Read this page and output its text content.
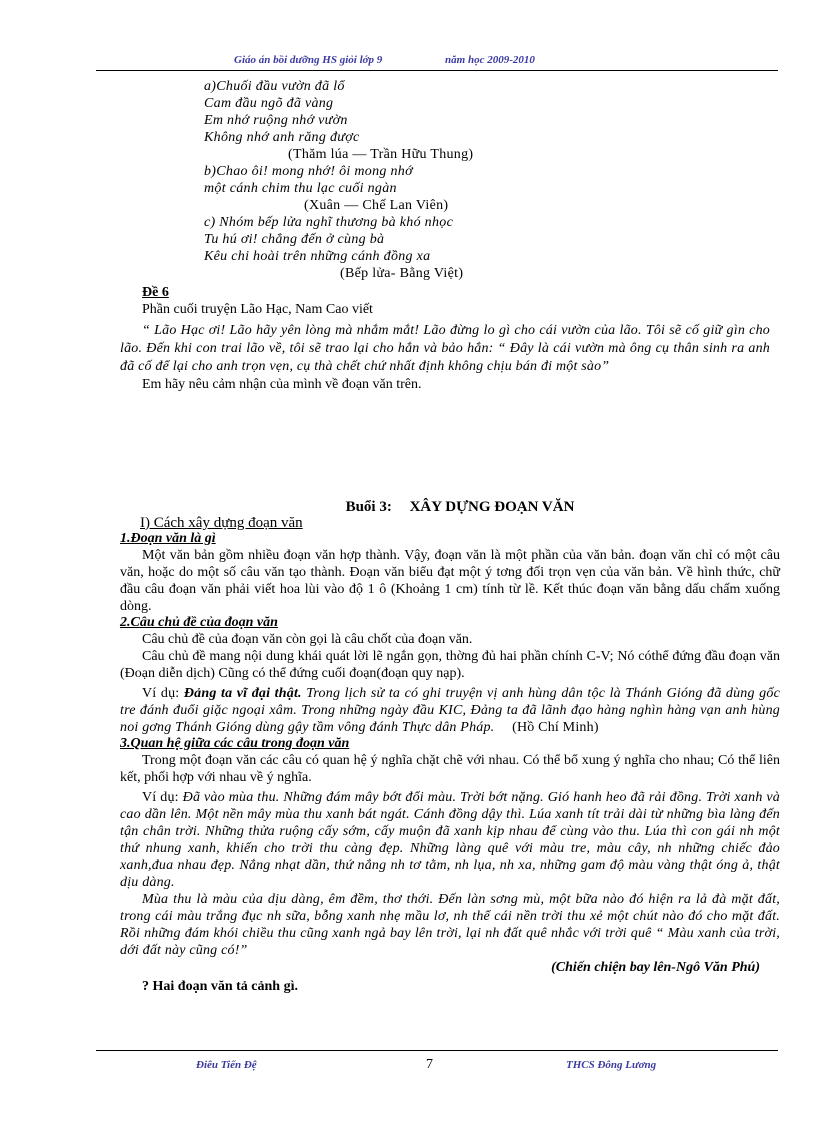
Giáo án bồi dưỡng HS giỏi lớp 9	năm học 2009-2010
a)Chuối đầu vườn đã lổ
Cam đầu ngõ đã vàng
Em nhớ ruộng nhớ vườn
Không nhớ anh răng được
(Thăm lúa — Trần Hữu Thung)
b)Chao ôi! mong nhớ! ôi mong nhớ
một cánh chim thu lạc cuối ngàn
(Xuân — Chế Lan Viên)
c) Nhóm bếp lửa nghĩ thương bà khó nhọc
Tu hú ơi! chẳng đến ở cùng bà
Kêu chi hoài trên những cánh đồng xa
(Bếp lửa- Bằng Việt)
Đề 6
Phần cuối truyện Lão Hạc, Nam Cao viết
“ Lão Hạc ơi! Lão hãy yên lòng mà nhắm mắt! Lão đừng lo gì cho cái vườn của lão. Tôi sẽ cố giữ gìn cho lão. Đến khi con trai lão về, tôi sẽ trao lại cho hắn và bảo hắn: “ Đây là cái vườn mà ông cụ thân sinh ra anh đã cố để lại cho anh trọn vẹn, cụ thà chết chứ nhất định không chịu bán đi một sào”
Em hãy nêu cảm nhận của mình về đoạn văn trên.
Buổi 3: XÂY DỰNG ĐOẠN VĂN
I) Cách xây dựng đoạn văn
1.Đoạn văn là gì
Một văn bản gồm nhiều đoạn văn hợp thành. Vậy, đoạn văn là một phần của văn bản. đoạn văn chỉ có một câu văn, hoặc do một số câu văn tạo thành. Đoạn văn biểu đạt một ý tơng đối trọn vẹn của văn bản. Về hình thức, chữ đầu câu đoạn văn phải viết hoa lùi vào độ 1 ô (Khoảng 1 cm) tính từ lề. Kết thúc đoạn văn bằng dấu chấm xuống dòng.
2.Câu chủ đề của đoạn văn
Câu chủ đề của đoạn văn còn gọi là câu chốt của đoạn văn.
Câu chủ đề mang nội dung khái quát lời lẽ ngắn gọn, thờng đủ hai phần chính C-V; Nó cóthể đứng đầu đoạn văn (Đoạn diễn dịch) Cũng có thể đứng cuối đoạn(đoạn quy nạp).
Ví dụ: Đảng ta vĩ đại thật. Trong lịch sử ta có ghi truyện vị anh hùng dân tộc là Thánh Gióng đã dùng gốc tre đánh đuổi giặc ngoại xâm. Trong những ngày đầu KIC, Đảng ta đã lãnh đạo hàng nghìn hàng vạn anh hùng noi gơng Thánh Gióng dùng gậy tầm vông đánh Thực dân Pháp. (Hồ Chí Minh)
3.Quan hệ giữa các câu trong đoạn văn
Trong một đoạn văn các câu có quan hệ ý nghĩa chặt chẽ với nhau. Có thể bổ xung ý nghĩa cho nhau; Có thể liên kết, phối hợp với nhau về ý nghĩa.
Ví dụ: Đã vào mùa thu. Những đám mây bớt đổi màu. Trời bớt nặng. Gió hanh heo đã rải đồng. Trời xanh và cao dần lên. Một nền mây mùa thu xanh bát ngát. Cánh đồng dậy thì. Lúa xanh tít trải dài từ những bìa làng đến tận chân trời. Những thửa ruộng cấy sớm, cấy muộn đã xanh kịp nhau để cùng vào thu. Lúa thì con gái nh một thứ nhung xanh, khiến cho trời thu càng đẹp. Những làng quê với màu tre, màu cây, nh những chiếc đảo xanh,đua nhau đẹp. Nắng nhạt dần, thứ nắng nh tơ tằm, nh lụa, nh xa, những gam độ màu vàng thật óng ả, thật dịu dàng.
Mùa thu là màu của dịu dàng, êm đềm, thơ thới. Đến làn sơng mù, một bữa nào đó hiện ra lả đà mặt đất, trong cái màu trắng đục nh sữa, bỗng xanh nhẹ mầu lơ, nh thể cái nền trời thu xẻ một chút nào đó cho mặt đất. Rồi những đám khói chiều thu cũng xanh ngả bay lên trời, lại nh đất quê nhắc với trời quê “ Màu xanh của trời, dới đất này cũng có!”
(Chiến chiện bay lên-Ngô Văn Phú)
? Hai đoạn văn tả cảnh gì.
Điêu Tiến Đệ	7	THCS Đông Lương
